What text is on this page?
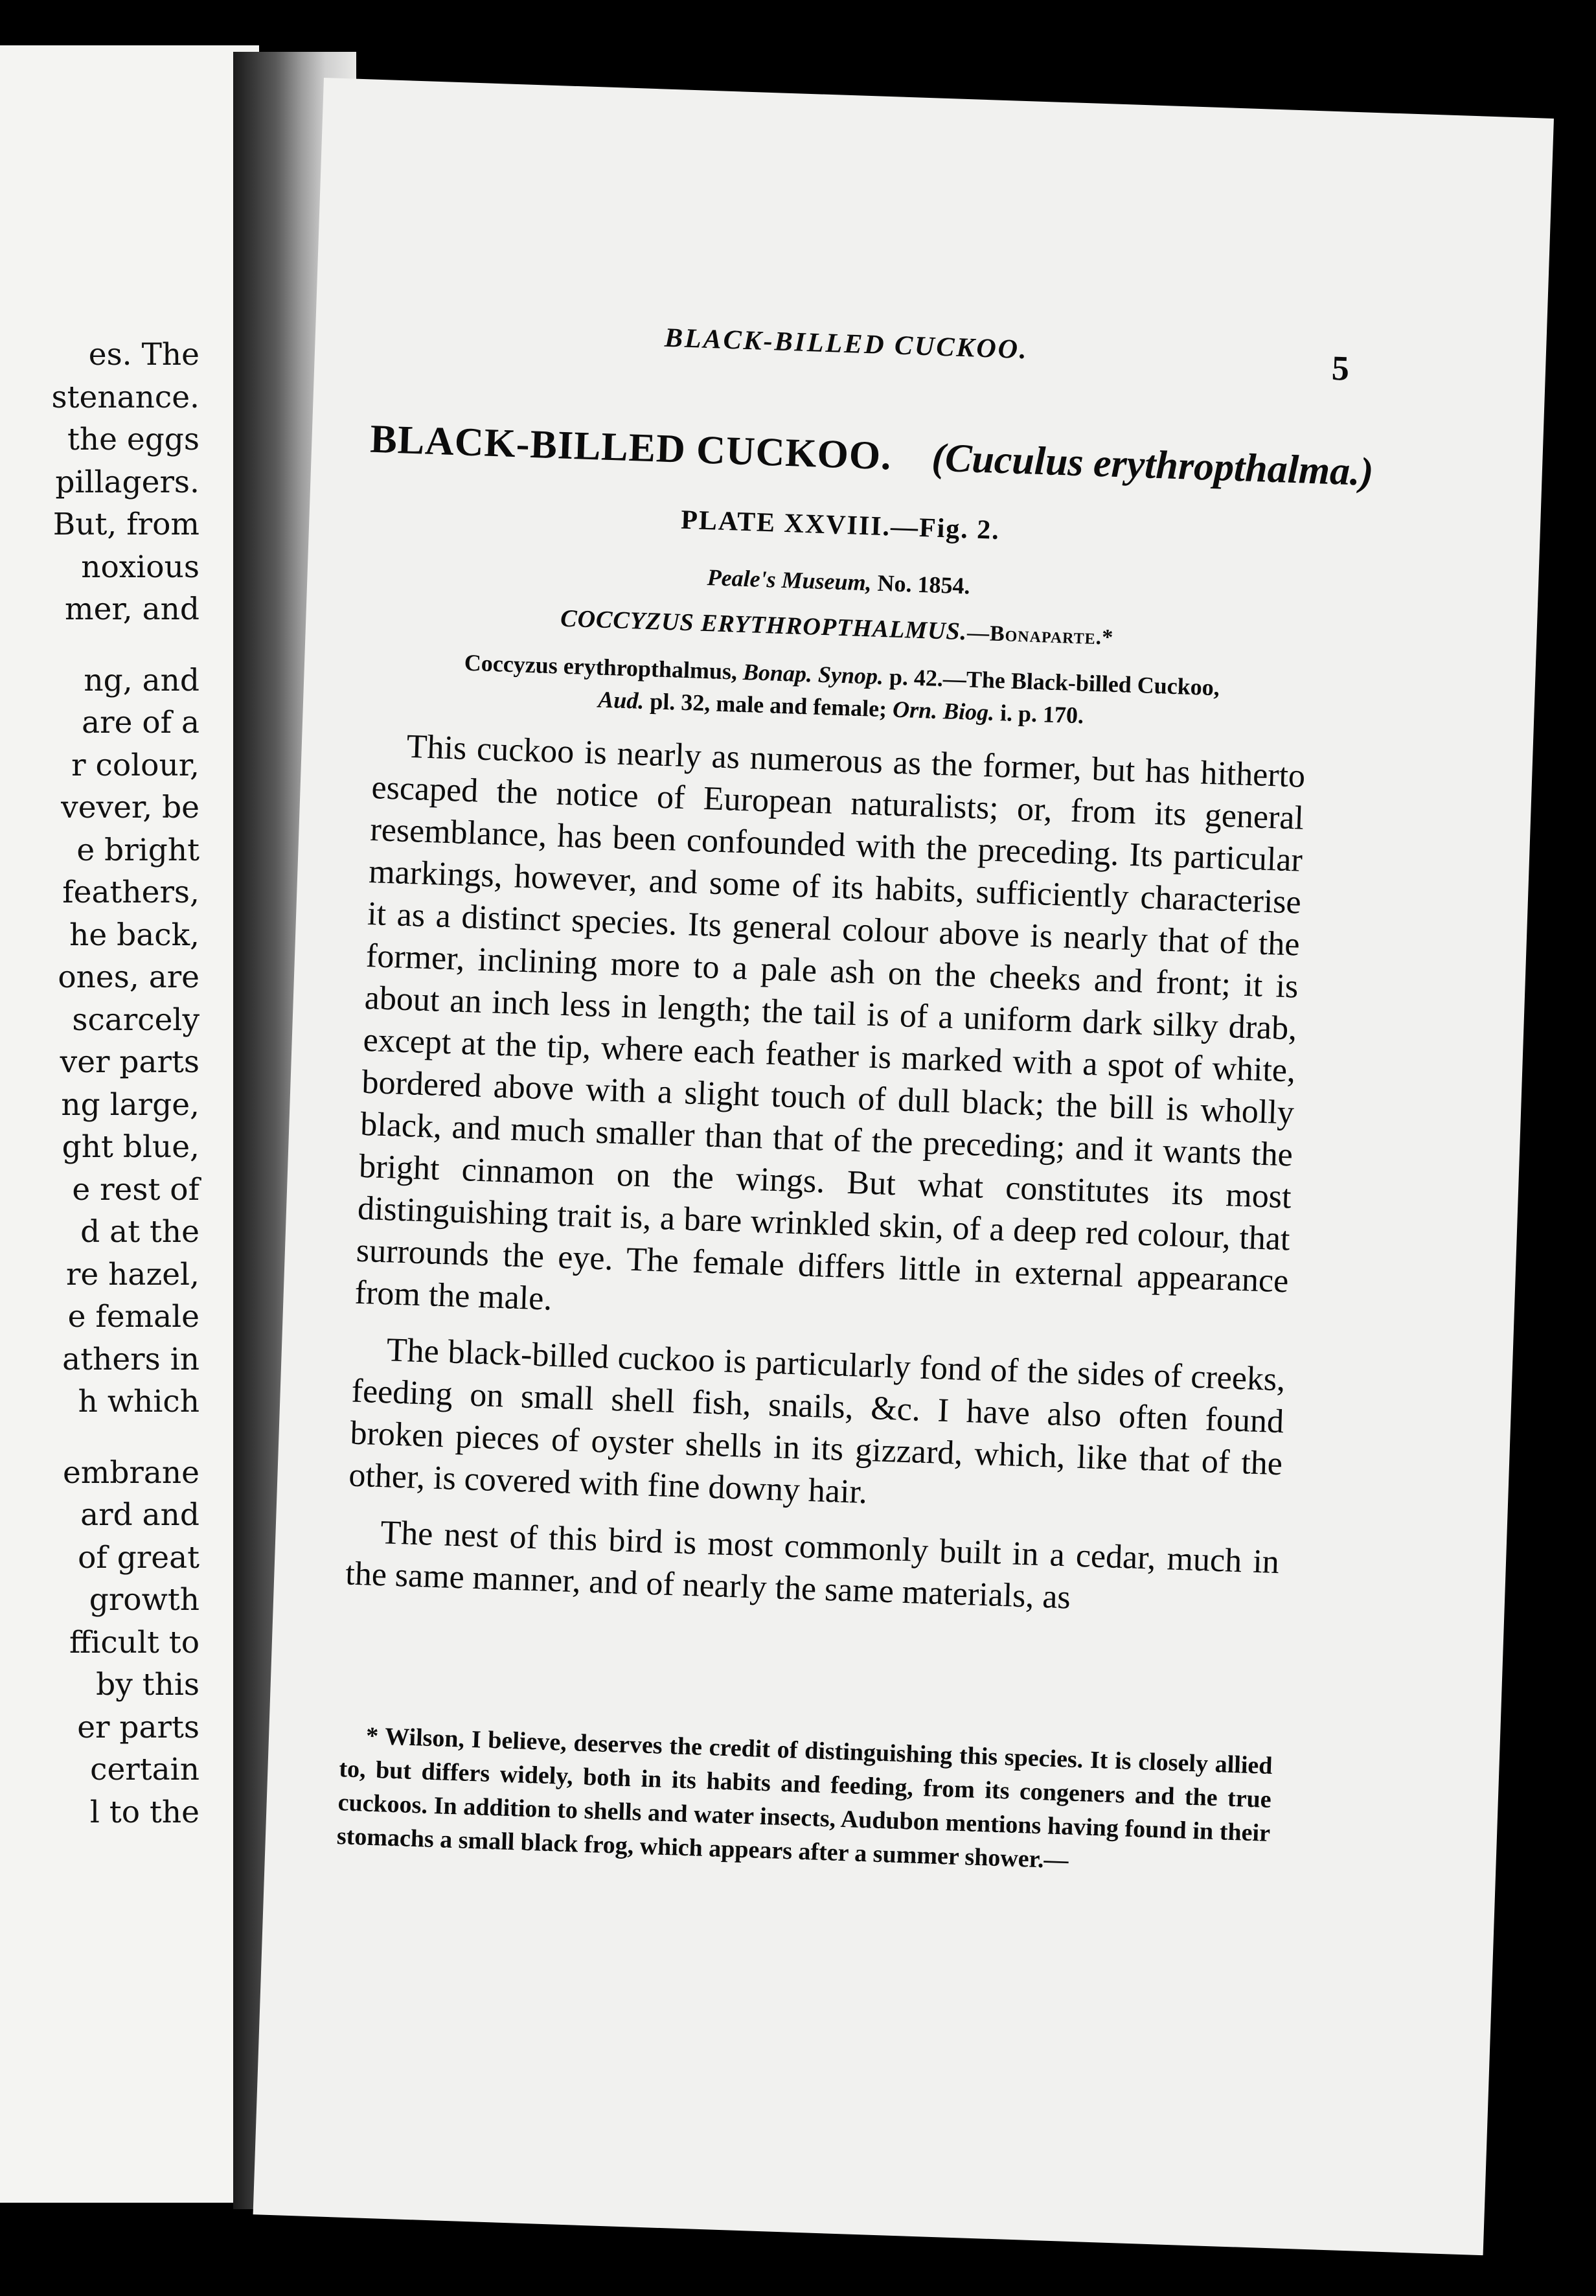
es. The
stenance.
the eggs
pillagers.
But, from
noxious
mer, and
ng, and
are of a
r colour,
vever, be
e bright
feathers,
he back,
ones, are
scarcely
ver parts
ng large,
ght blue,
e rest of
d at the
re hazel,
e female
athers in
h which
embrane
ard and
of great
growth
fficult to
by this
er parts
certain
l to the
BLACK-BILLED CUCKOO.
5
BLACK-BILLED CUCKOO. (Cuculus erythropthalma.)
PLATE XXVIII.—Fig. 2.
Peale's Museum, No. 1854.
COCCYZUS ERYTHROPTHALMUS.—Bonaparte.*
Coccyzus erythropthalmus, Bonap. Synop. p. 42.—The Black-billed Cuckoo,
Aud. pl. 32, male and female; Orn. Biog. i. p. 170.

This cuckoo is nearly as numerous as the former, but has hitherto escaped the notice of European naturalists; or, from its general resemblance, has been confounded with the preceding. Its particular markings, however, and some of its habits, sufficiently characterise it as a distinct species. Its general colour above is nearly that of the former, inclining more to a pale ash on the cheeks and front; it is about an inch less in length; the tail is of a uniform dark silky drab, except at the tip, where each feather is marked with a spot of white, bordered above with a slight touch of dull black; the bill is wholly black, and much smaller than that of the preceding; and it wants the bright cinnamon on the wings. But what constitutes its most distinguishing trait is, a bare wrinkled skin, of a deep red colour, that surrounds the eye. The female differs little in external appearance from the male.

The black-billed cuckoo is particularly fond of the sides of creeks, feeding on small shell fish, snails, &c. I have also often found broken pieces of oyster shells in its gizzard, which, like that of the other, is covered with fine downy hair.

The nest of this bird is most commonly built in a cedar, much in the same manner, and of nearly the same materials, as

* Wilson, I believe, deserves the credit of distinguishing this species. It is closely allied to, but differs widely, both in its habits and feeding, from its congeners and the true cuckoos. In addition to shells and water insects, Audubon mentions having found in their stomachs a small black frog, which appears after a summer shower.—
